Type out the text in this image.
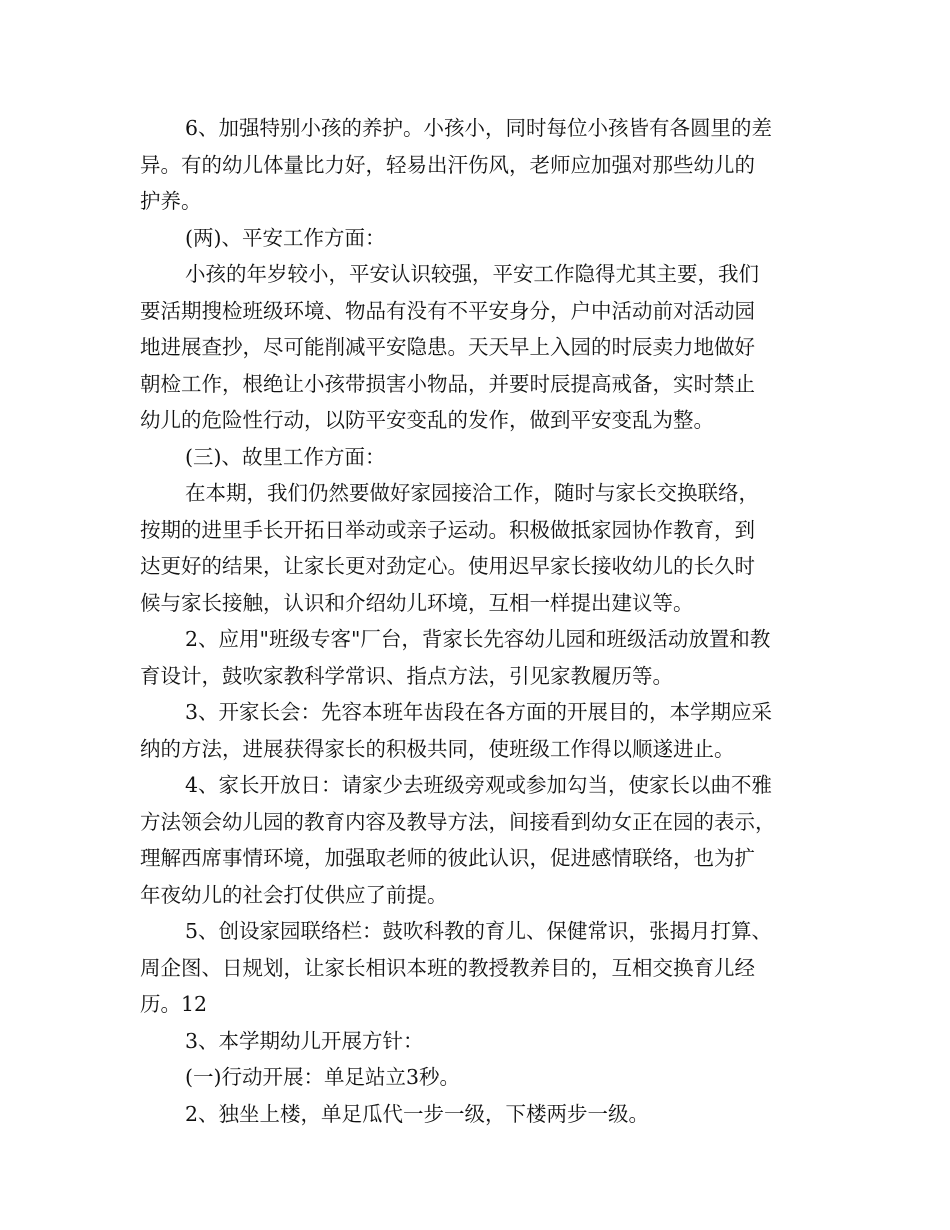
6、加强特别小孩的养护。小孩小，同时每位小孩皆有各圆里的差
异。有的幼儿体量比力好，轻易出汗伤风，老师应加强对那些幼儿的
护养。
(两)、平安工作方面：
小孩的年岁较小，平安认识较强，平安工作隐得尤其主要，我们
要活期搜检班级环境、物品有没有不平安身分，户中活动前对活动园
地进展查抄，尽可能削减平安隐患。天天早上入园的时辰卖力地做好
朝检工作，根绝让小孩带损害小物品，并要时辰提高戒备，实时禁止
幼儿的危险性行动，以防平安变乱的发作，做到平安变乱为整。
(三)、故里工作方面：
在本期，我们仍然要做好家园接洽工作，随时与家长交换联络，
按期的进里手长开拓日举动或亲子运动。积极做抵家园协作教育，到
达更好的结果，让家长更对劲定心。使用迟早家长接收幼儿的长久时
候与家长接触，认识和介绍幼儿环境，互相一样提出建议等。
2、应用"班级专客"厂台，背家长先容幼儿园和班级活动放置和教
育设计，鼓吹家教科学常识、指点方法，引见家教履历等。
3、开家长会：先容本班年齿段在各方面的开展目的，本学期应采
纳的方法，进展获得家长的积极共同，使班级工作得以顺遂进止。
4、家长开放日：请家少去班级旁观或参加勾当，使家长以曲不雅
方法领会幼儿园的教育内容及教导方法，间接看到幼女正在园的表示，
理解西席事情环境，加强取老师的彼此认识，促进感情联络，也为扩
年夜幼儿的社会打仗供应了前提。
5、创设家园联络栏：鼓吹科教的育儿、保健常识，张揭月打算、
周企图、日规划，让家长相识本班的教授教养目的，互相交换育儿经
历。12
3、本学期幼儿开展方针：
(一)行动开展：单足站立3秒。
2、独坐上楼，单足瓜代一步一级，下楼两步一级。
